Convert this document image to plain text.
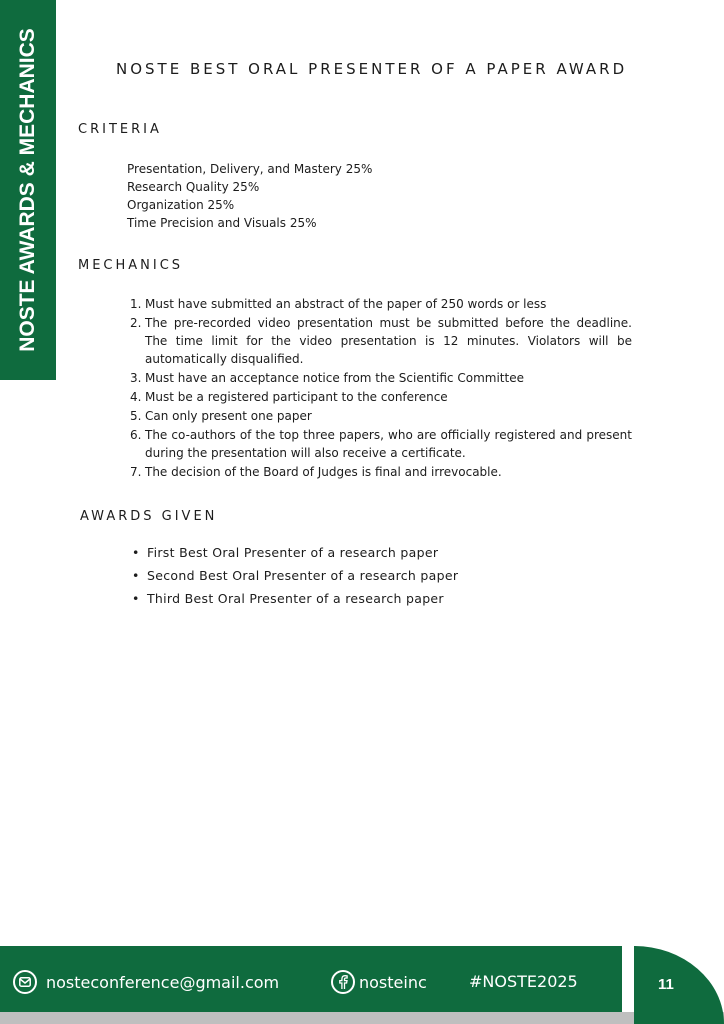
NOSTE AWARDS & MECHANICS	NOSTE BEST ORAL PRESENTER OF A PAPER AWARD
CRITERIA
Presentation, Delivery, and Mastery 25%
Research Quality 25%
Organization 25%
Time Precision and Visuals 25%
MECHANICS
1. Must have submitted an abstract of the paper of 250 words or less
2. The pre-recorded video presentation must be submitted before the deadline. The time limit for the video presentation is 12 minutes. Violators will be automatically disqualified.
3. Must have an acceptance notice from the Scientific Committee
4. Must be a registered participant to the conference
5. Can only present one paper
6. The co-authors of the top three papers, who are officially registered and present during the presentation will also receive a certificate.
7. The decision of the Board of Judges is final and irrevocable.
AWARDS GIVEN
• First Best Oral Presenter of a research paper
• Second Best Oral Presenter of a research paper
• Third Best Oral Presenter of a research paper
11
nosteconference@gmail.com	nosteinc	#NOSTE2025
